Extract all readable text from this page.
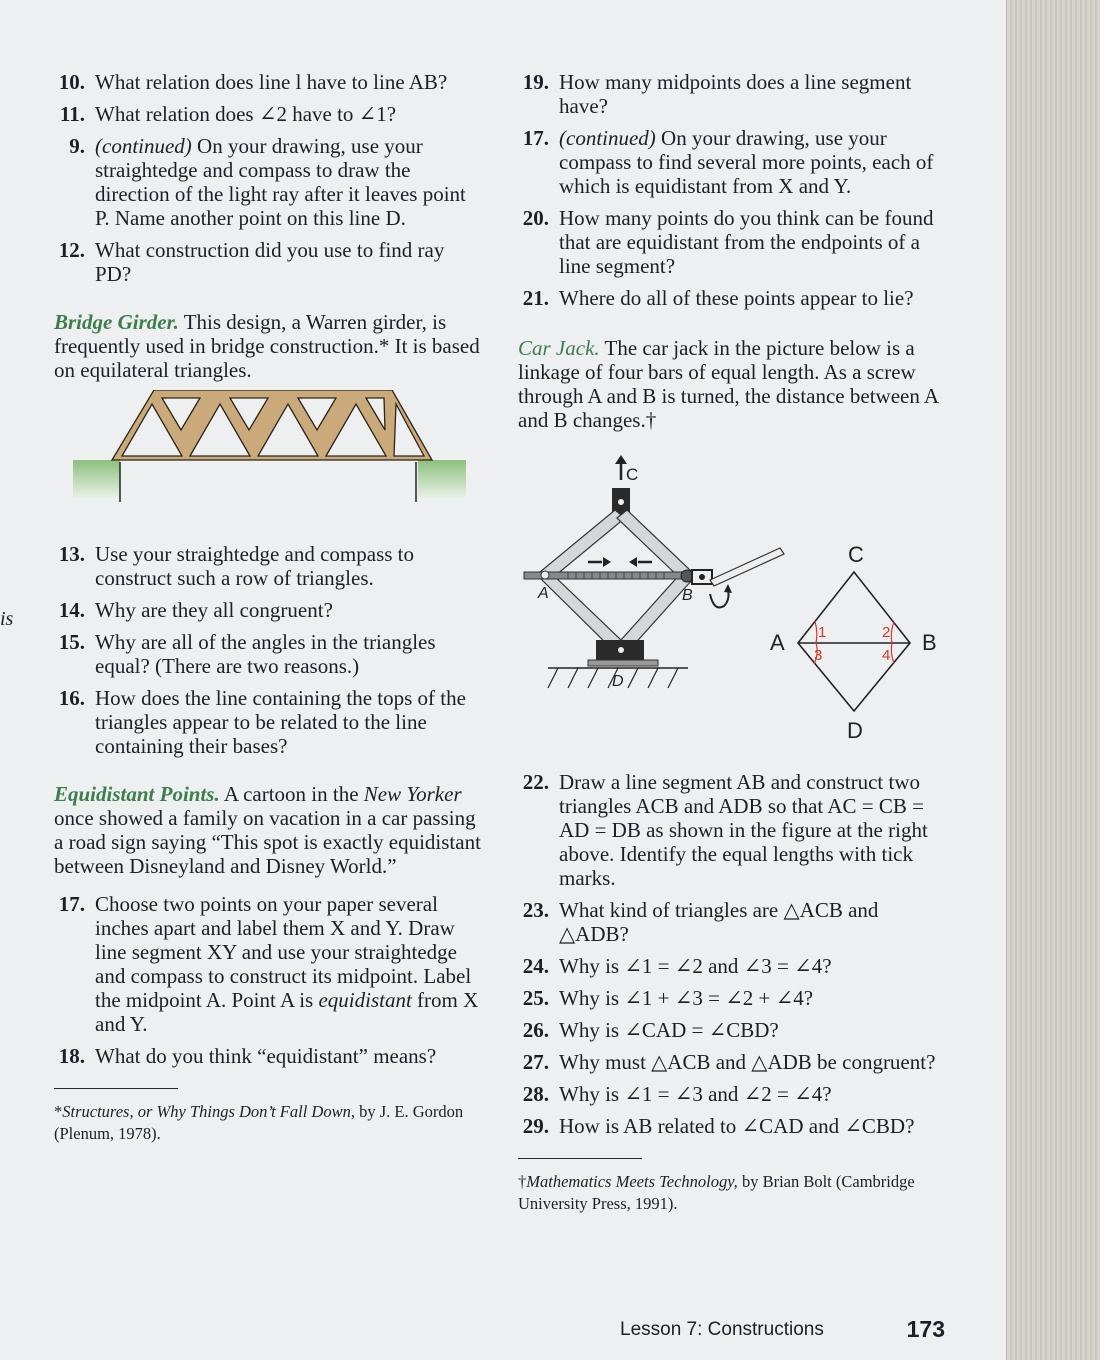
is
10. What relation does line l have to line AB?
11. What relation does ∠2 have to ∠1?
9. (continued) On your drawing, use your straightedge and compass to draw the direction of the light ray after it leaves point P. Name another point on this line D.
12. What construction did you use to find ray PD?

Bridge Girder. This design, a Warren girder, is frequently used in bridge construction.* It is based on equilateral triangles.

13. Use your straightedge and compass to construct such a row of triangles.
14. Why are they all congruent?
15. Why are all of the angles in the triangles equal? (There are two reasons.)
16. How does the line containing the tops of the triangles appear to be related to the line containing their bases?

Equidistant Points. A cartoon in the New Yorker once showed a family on vacation in a car passing a road sign saying “This spot is exactly equidistant between Disneyland and Disney World.”

17. Choose two points on your paper several inches apart and label them X and Y. Draw line segment XY and use your straightedge and compass to construct its midpoint. Label the midpoint A. Point A is equidistant from X and Y.
18. What do you think “equidistant” means?
*Structures, or Why Things Don’t Fall Down, by J. E. Gordon (Plenum, 1978).
19. How many midpoints does a line segment have?
17. (continued) On your drawing, use your compass to find several more points, each of which is equidistant from X and Y.
20. How many points do you think can be found that are equidistant from the endpoints of a line segment?
21. Where do all of these points appear to lie?

Car Jack. The car jack in the picture below is a linkage of four bars of equal length. As a screw through A and B is turned, the distance between A and B changes.†

C
A	B
D
1
3
2
4
C
A	B
D
22. Draw a line segment AB and construct two triangles ACB and ADB so that AC = CB = AD = DB as shown in the figure at the right above. Identify the equal lengths with tick marks.
23. What kind of triangles are △ACB and △ADB?
24. Why is ∠1 = ∠2 and ∠3 = ∠4?
25. Why is ∠1 + ∠3 = ∠2 + ∠4?
26. Why is ∠CAD = ∠CBD?
27. Why must △ACB and △ADB be congruent?
28. Why is ∠1 = ∠3 and ∠2 = ∠4?
29. How is AB related to ∠CAD and ∠CBD?
†Mathematics Meets Technology, by Brian Bolt (Cambridge University Press, 1991).
Lesson 7: Constructions	173
